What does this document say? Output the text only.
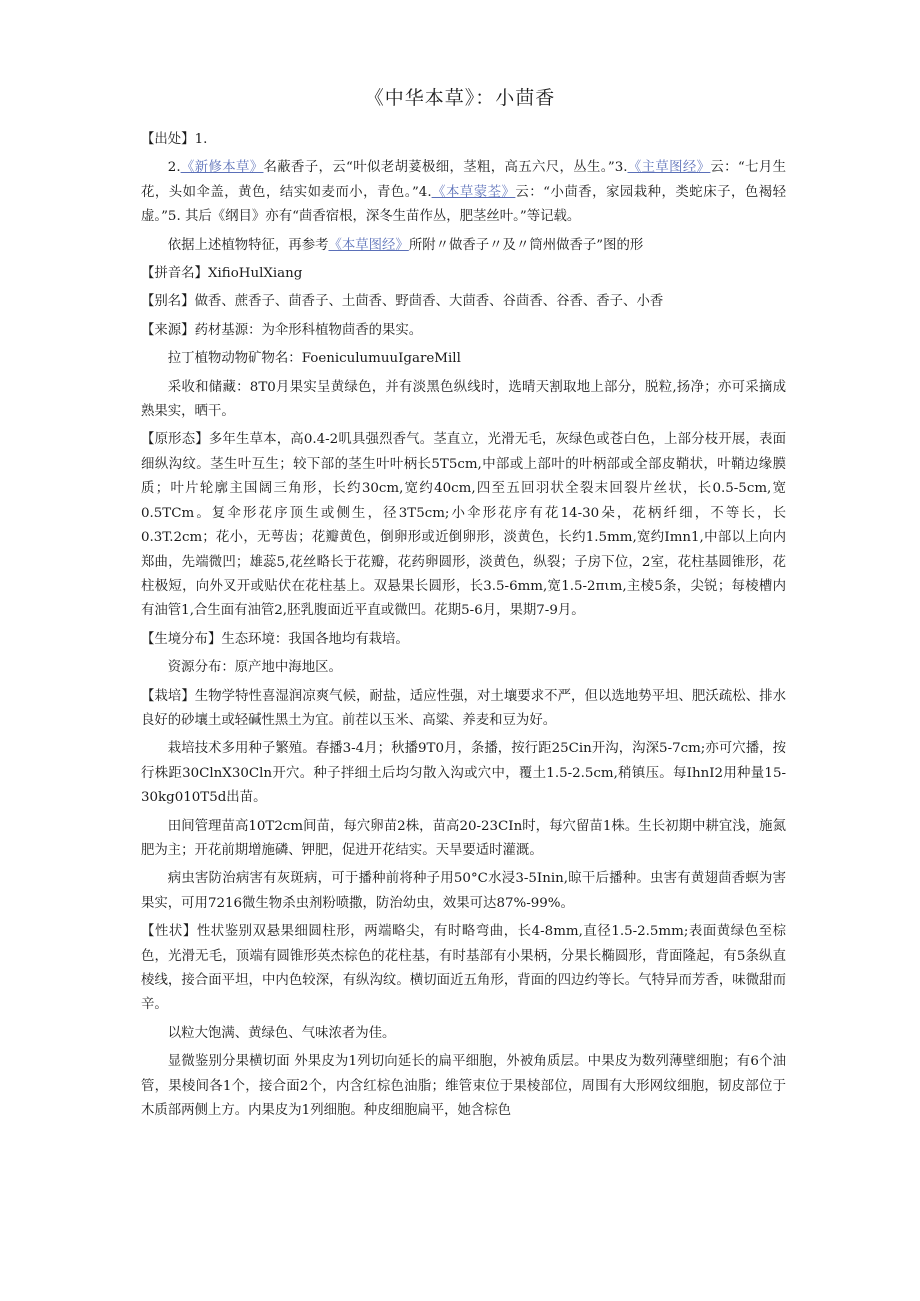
《中华本草》：小茴香

【出处】1.

2.《新修本草》名蔽香子，云“叶似老胡荽极细，茎粗，高五六尺，丛生。”3.《主草图经》云：“七月生花，头如伞盖，黄色，结实如麦而小，青色。”4.《本草蒙荃》云：“小茴香，家园栽种，类蛇床子，色褐轻虚。”5. 其后《纲目》亦有“茴香宿根，深冬生苗作丛，肥茎丝叶。”等记载。

依据上述植物特征，再参考《本草图经》所附〃做香子〃及〃筒州做香子”图的形

【拼音名】XifioHulXiang

【别名】做香、蔗香子、茴香子、土茴香、野茴香、大茴香、谷茴香、谷香、香子、小香

【来源】药材基源：为伞形科植物茴香的果实。

拉丁植物动物矿物名：FoeniculumuuIgareMill

采收和储藏：8T0月果实呈黄绿色，并有淡黑色纵线时，选晴天割取地上部分，脱粒,扬净；亦可采摘成熟果实，晒干。

【原形态】多年生草本，高0.4-2叽具强烈香气。茎直立，光滑无毛，灰绿色或苍白色，上部分枝开展，表面细纵沟纹。茎生叶互生；较下部的茎生叶叶柄长5T5cm,中部或上部叶的叶柄部或全部皮鞘状，叶鞘边缘膜质；叶片轮廓主国阔三角形，长约30cm,宽约40cm,四至五回羽状全裂末回裂片丝状，长0.5-5cm,宽0.5TCm。复伞形花序顶生或侧生，径3T5cm;小伞形花序有花14-30朵，花柄纤细，不等长，长0.3T.2cm；花小，无萼齿；花瓣黄色，倒卵形或近倒卵形，淡黄色，长约1.5mm,宽约Imn1,中部以上向内郑曲，先端微凹；雄蕊5,花丝略长于花瓣，花药卵圆形，淡黄色，纵裂；子房下位，2室，花柱基圆锥形，花柱极短，向外叉开或贴伏在花柱基上。双悬果长圆形，长3.5-6mm,宽1.5-2πιm,主棱5条，尖锐；每棱槽内有油管1,合生面有油管2,胚乳腹面近平直或微凹。花期5-6月，果期7-9月。

【生境分布】生态环境：我国各地均有栽培。

资源分布：原产地中海地区。

【栽培】生物学特性喜湿润凉爽气候，耐盐，适应性强，对土壤要求不严，但以选地势平坦、肥沃疏松、排水良好的砂壤土或轻碱性黑土为宜。前茬以玉米、高粱、养麦和豆为好。

栽培技术多用种子繁殖。春播3-4月；秋播9T0月，条播，按行距25Cin开沟，沟深5-7cm;亦可穴播，按行株距30ClnX30Cln开穴。种子拌细土后均匀散入沟或穴中，覆土1.5-2.5cm,稍镇压。每IhnI2用种量15-30kg010T5d出苗。

田间管理苗高10T2cm间苗，每穴卵苗2株，苗高20-23CIn时，每穴留苗1株。生长初期中耕宜浅，施氮肥为主；开花前期增施磷、钾肥，促进开花结实。天旱要适时灌溉。

病虫害防治病害有灰斑病，可于播种前将种子用50°C水浸3-5Inin,晾干后播种。虫害有黄翅茴香螟为害果实，可用7216微生物杀虫剂粉喷撒，防治幼虫，效果可达87%-99%。

【性状】性状鉴别双悬果细圆柱形，两端略尖，有时略弯曲，长4-8mm,直径1.5-2.5mm;表面黄绿色至棕色，光滑无毛，顶端有圆锥形英杰棕色的花柱基，有时基部有小果柄，分果长椭圆形，背面隆起，有5条纵直棱线，接合面平坦，中内色较深，有纵沟纹。横切面近五角形，背面的四边约等长。气特异而芳香，味微甜而辛。

以粒大饱满、黄绿色、气味浓者为佳。

显微鉴别分果横切面 外果皮为1列切向延长的扁平细胞，外被角质层。中果皮为数列薄壁细胞；有6个油管，果棱间各1个，接合面2个，内含红棕色油脂；维管束位于果棱部位，周围有大形网纹细胞，韧皮部位于木质部两侧上方。内果皮为1列细胞。种皮细胞扁平，她含棕色
